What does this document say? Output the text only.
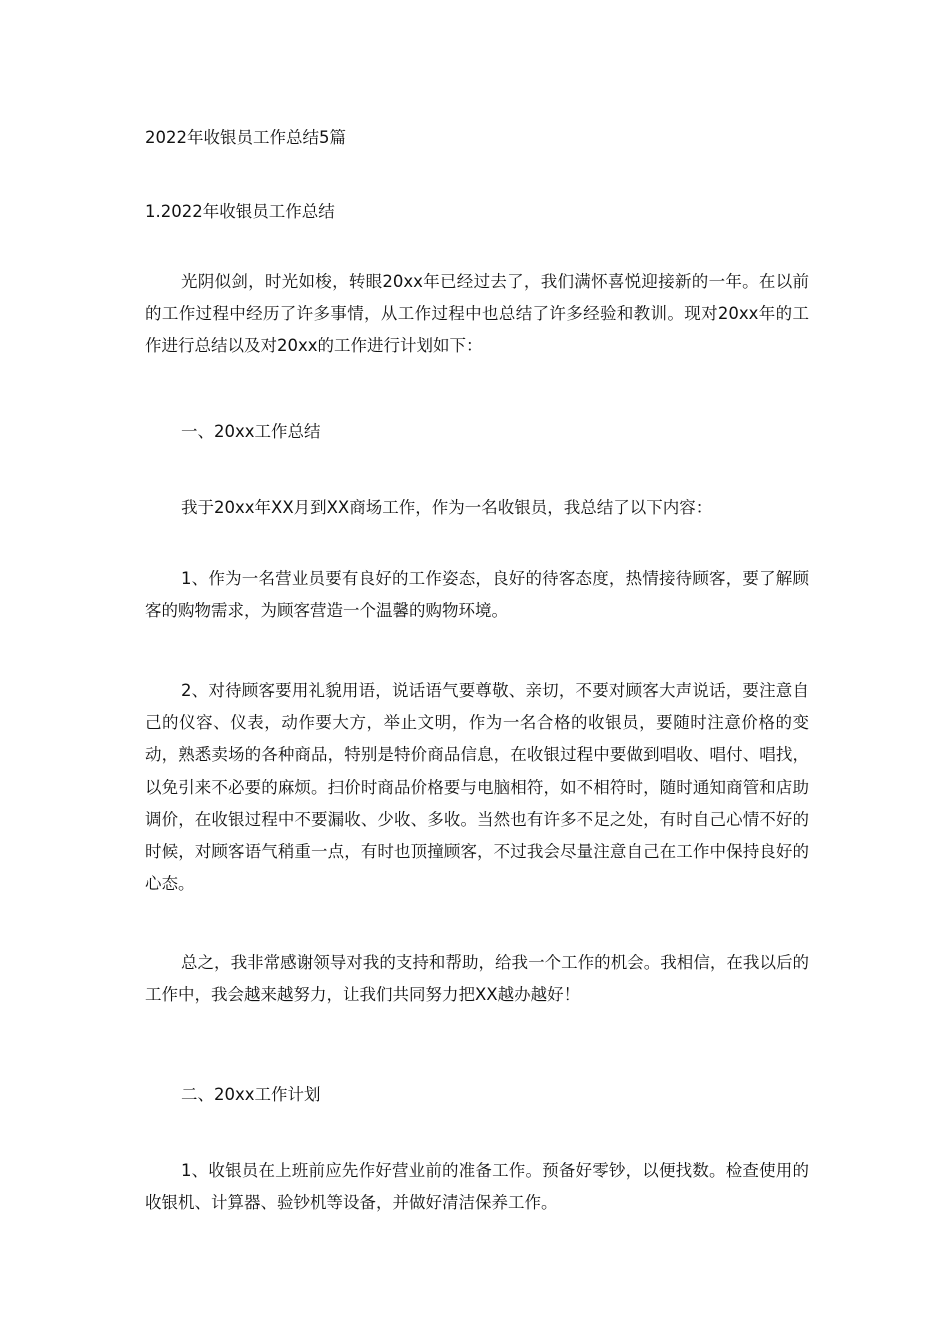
2022年收银员工作总结5篇
1.2022年收银员工作总结

光阴似剑，时光如梭，转眼20xx年已经过去了，我们满怀喜悦迎接新的一年。在以前的工作过程中经历了许多事情，从工作过程中也总结了许多经验和教训。现对20xx年的工作进行总结以及对20xx的工作进行计划如下：

一、20xx工作总结

我于20xx年XX月到XX商场工作，作为一名收银员，我总结了以下内容：

1、作为一名营业员要有良好的工作姿态，良好的待客态度，热情接待顾客，要了解顾客的购物需求，为顾客营造一个温馨的购物环境。

2、对待顾客要用礼貌用语，说话语气要尊敬、亲切，不要对顾客大声说话，要注意自己的仪容、仪表，动作要大方，举止文明，作为一名合格的收银员，要随时注意价格的变动，熟悉卖场的各种商品，特别是特价商品信息，在收银过程中要做到唱收、唱付、唱找，以免引来不必要的麻烦。扫价时商品价格要与电脑相符，如不相符时，随时通知商管和店助调价，在收银过程中不要漏收、少收、多收。当然也有许多不足之处，有时自己心情不好的时候，对顾客语气稍重一点，有时也顶撞顾客，不过我会尽量注意自己在工作中保持良好的心态。

总之，我非常感谢领导对我的支持和帮助，给我一个工作的机会。我相信，在我以后的工作中，我会越来越努力，让我们共同努力把XX越办越好！

二、20xx工作计划

1、收银员在上班前应先作好营业前的准备工作。预备好零钞，以便找数。检查使用的收银机、计算器、验钞机等设备，并做好清洁保养工作。
